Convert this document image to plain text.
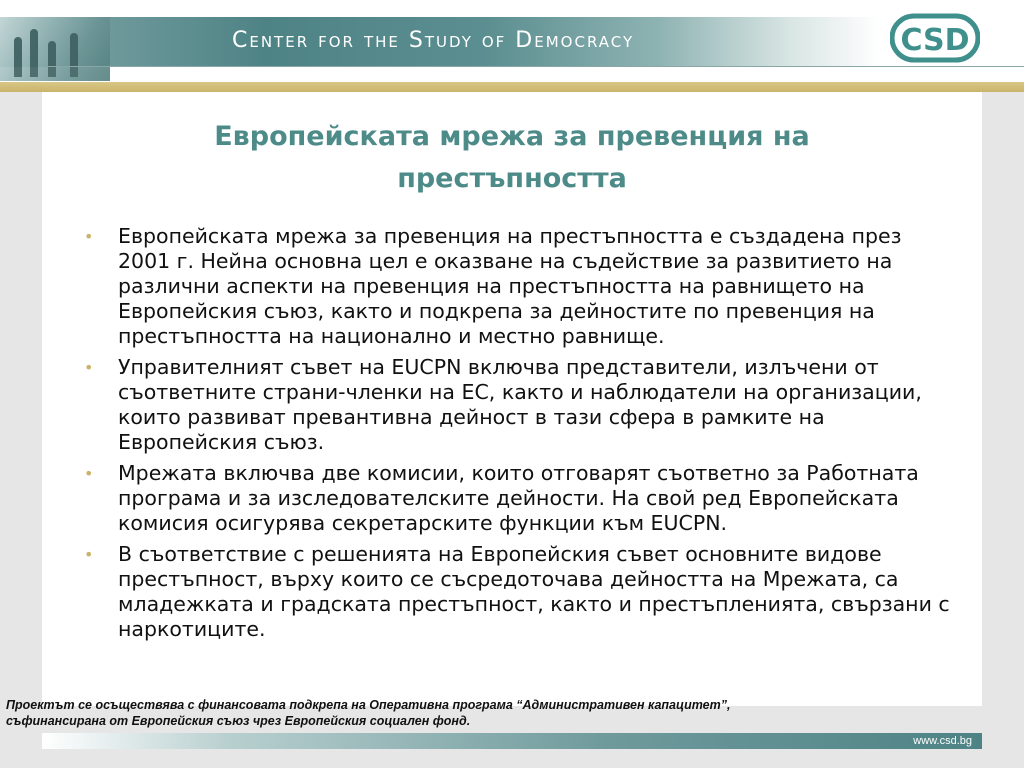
Center for the Study of Democracy	CSD
Европейската мрежа за превенция на
престъпността
• Европейската мрежа за превенция на престъпността е създадена през 2001 г. Нейна основна цел е оказване на съдействие за развитието на различни аспекти на превенция на престъпността на равнището на Европейския съюз, както и подкрепа за дейностите по превенция на престъпността на национално и местно равнище.
• Управителният съвет на EUCPN включва представители, излъчени от съответните страни-членки на ЕС, както и наблюдатели на организации, които развиват превантивна дейност в тази сфера в рамките на Европейския съюз.
• Мрежата включва две комисии, които отговарят съответно за Работната програма и за изследователските дейности. На свой ред Европейската комисия осигурява секретарските функции към EUCPN.
• В съответствие с решенията на Европейския съвет основните видове престъпност, върху които се съсредоточава дейността на Мрежата, са младежката и градската престъпност, както и престъпленията, свързани с наркотиците.
Проектът се осъществява с финансовата подкрепа на Оперативна програма “Административен капацитет”,
съфинансирана от Европейския съюз чрез Европейския социален фонд.
www.csd.bg
